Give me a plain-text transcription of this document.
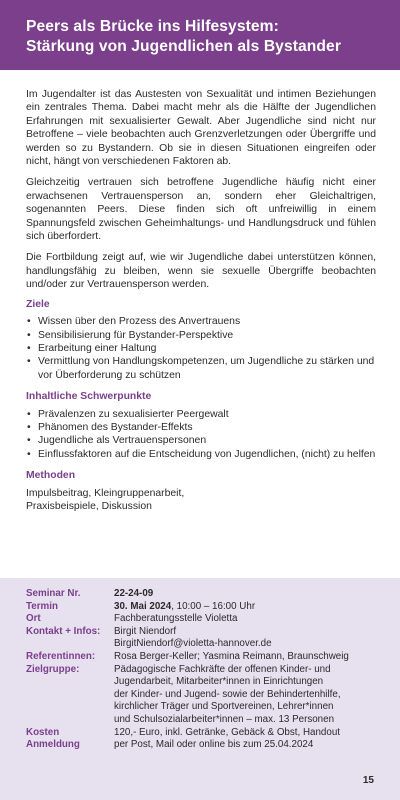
Peers als Brücke ins Hilfesystem:
Stärkung von Jugendlichen als Bystander

Im Jugendalter ist das Austesten von Sexualität und intimen Beziehungen ein zentrales Thema. Dabei macht mehr als die Hälfte der Jugendlichen Erfahrungen mit sexualisierter Gewalt. Aber Jugendliche sind nicht nur Betroffene – viele beobachten auch Grenzverletzungen oder Übergriffe und werden so zu Bystandern. Ob sie in diesen Situationen eingreifen oder nicht, hängt von verschiedenen Faktoren ab.

Gleichzeitig vertrauen sich betroffene Jugendliche häufig nicht einer erwachsenen Vertrauensperson an, sondern eher Gleichaltrigen, sogenannten Peers. Diese finden sich oft unfreiwillig in einem Spannungsfeld zwischen Geheimhaltungs- und Handlungsdruck und fühlen sich überfordert.

Die Fortbildung zeigt auf, wie wir Jugendliche dabei unterstützen können, handlungsfähig zu bleiben, wenn sie sexuelle Übergriffe beobachten und/oder zur Vertrauensperson werden.

Ziele
• Wissen über den Prozess des Anvertrauens
• Sensibilisierung für Bystander-Perspektive
• Erarbeitung einer Haltung
• Vermittlung von Handlungskompetenzen, um Jugendliche zu stärken und vor Überforderung zu schützen
Inhaltliche Schwerpunkte
• Prävalenzen zu sexualisierter Peergewalt
• Phänomen des Bystander-Effekts
• Jugendliche als Vertrauenspersonen
• Einflussfaktoren auf die Entscheidung von Jugendlichen, (nicht) zu helfen
Methoden
Impulsbeitrag, Kleingruppenarbeit,
Praxisbeispiele, Diskussion
Seminar Nr.	22-24-09
Termin	30. Mai 2024, 10:00 – 16:00 Uhr
Ort	Fachberatungsstelle Violetta
Kontakt + Infos:	Birgit Niendorf
BirgitNiendorf@violetta-hannover.de
Referentinnen:	Rosa Berger-Keller; Yasmina Reimann, Braunschweig
Zielgruppe:	Pädagogische Fachkräfte der offenen Kinder- und
Jugendarbeit, Mitarbeiter*innen in Einrichtungen
der Kinder- und Jugend- sowie der Behindertenhilfe,
kirchlicher Träger und Sportvereinen, Lehrer*innen
und Schulsozialarbeiter*innen – max. 13 Personen
Kosten	120,- Euro, inkl. Getränke, Gebäck & Obst, Handout
Anmeldung	per Post, Mail oder online bis zum 25.04.2024
15
